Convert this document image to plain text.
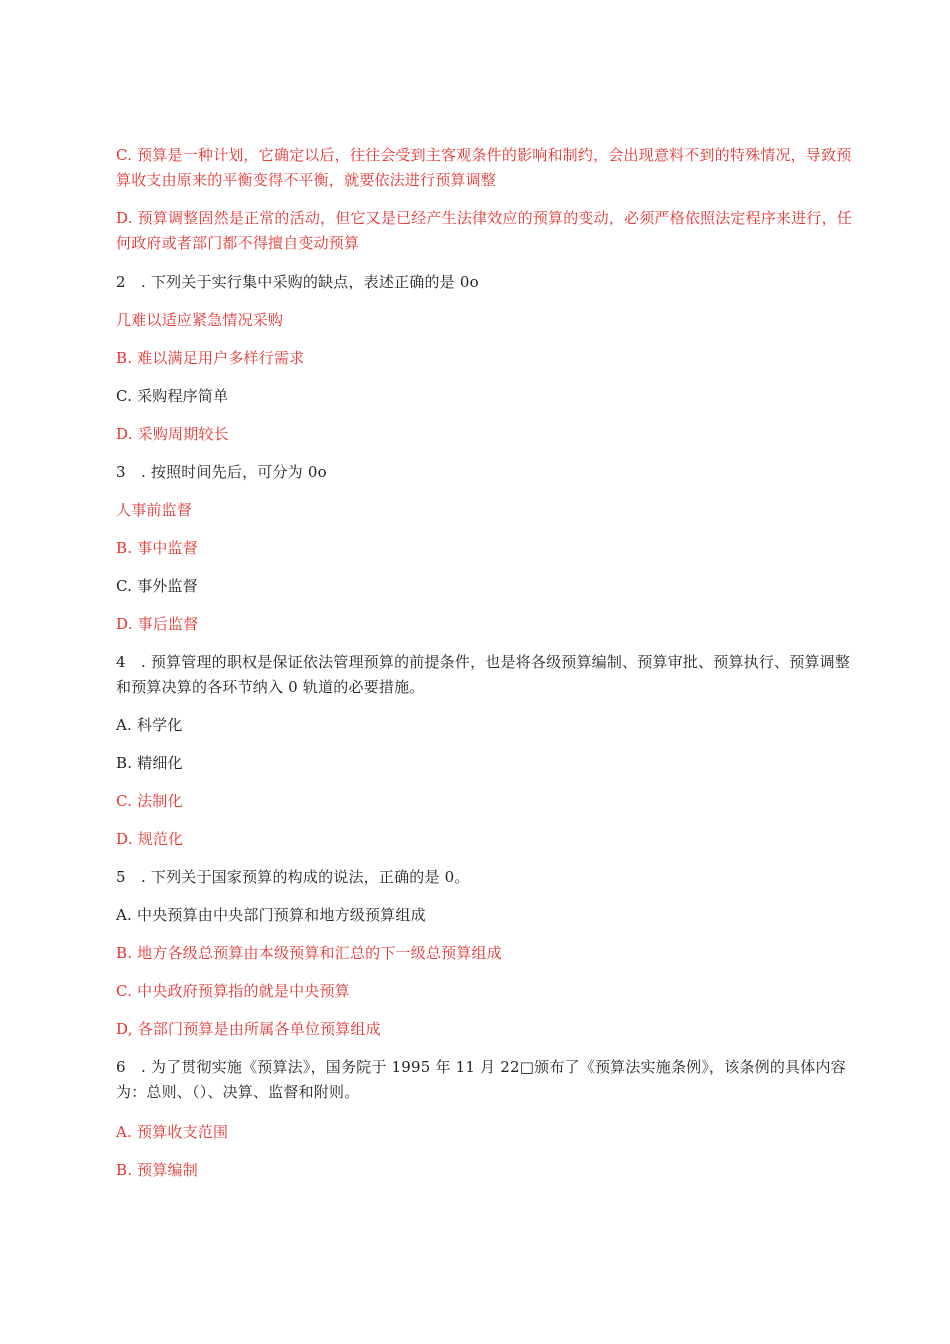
C. 预算是一种计划，它确定以后，往往会受到主客观条件的影响和制约，会出现意料不到的特殊情况，导致预算收支由原来的平衡变得不平衡，就要依法进行预算调整
D. 预算调整固然是正常的活动，但它又是已经产生法律效应的预算的变动，必须严格依照法定程序来进行，任何政府或者部门都不得擅自变动预算
2　. 下列关于实行集中采购的缺点，表述正确的是 0o
几难以适应紧急情况采购
B. 难以满足用户多样行需求
C. 采购程序简单
D. 采购周期较长
3　. 按照时间先后，可分为 0o
人事前监督
B. 事中监督
C. 事外监督
D. 事后监督
4　. 预算管理的职权是保证依法管理预算的前提条件，也是将各级预算编制、预算审批、预算执行、预算调整和预算决算的各环节纳入 0 轨道的必要措施。
A. 科学化
B. 精细化
C. 法制化
D. 规范化
5　. 下列关于国家预算的构成的说法，正确的是 0。
A. 中央预算由中央部门预算和地方级预算组成
B. 地方各级总预算由本级预算和汇总的下一级总预算组成
C. 中央政府预算指的就是中央预算
D, 各部门预算是由所属各单位预算组成
6　. 为了贯彻实施《预算法》，国务院于 1995 年 11 月 22□颁布了《预算法实施条例》，该条例的具体内容为：总则、（）、决算、监督和附则。
A. 预算收支范围
B. 预算编制
